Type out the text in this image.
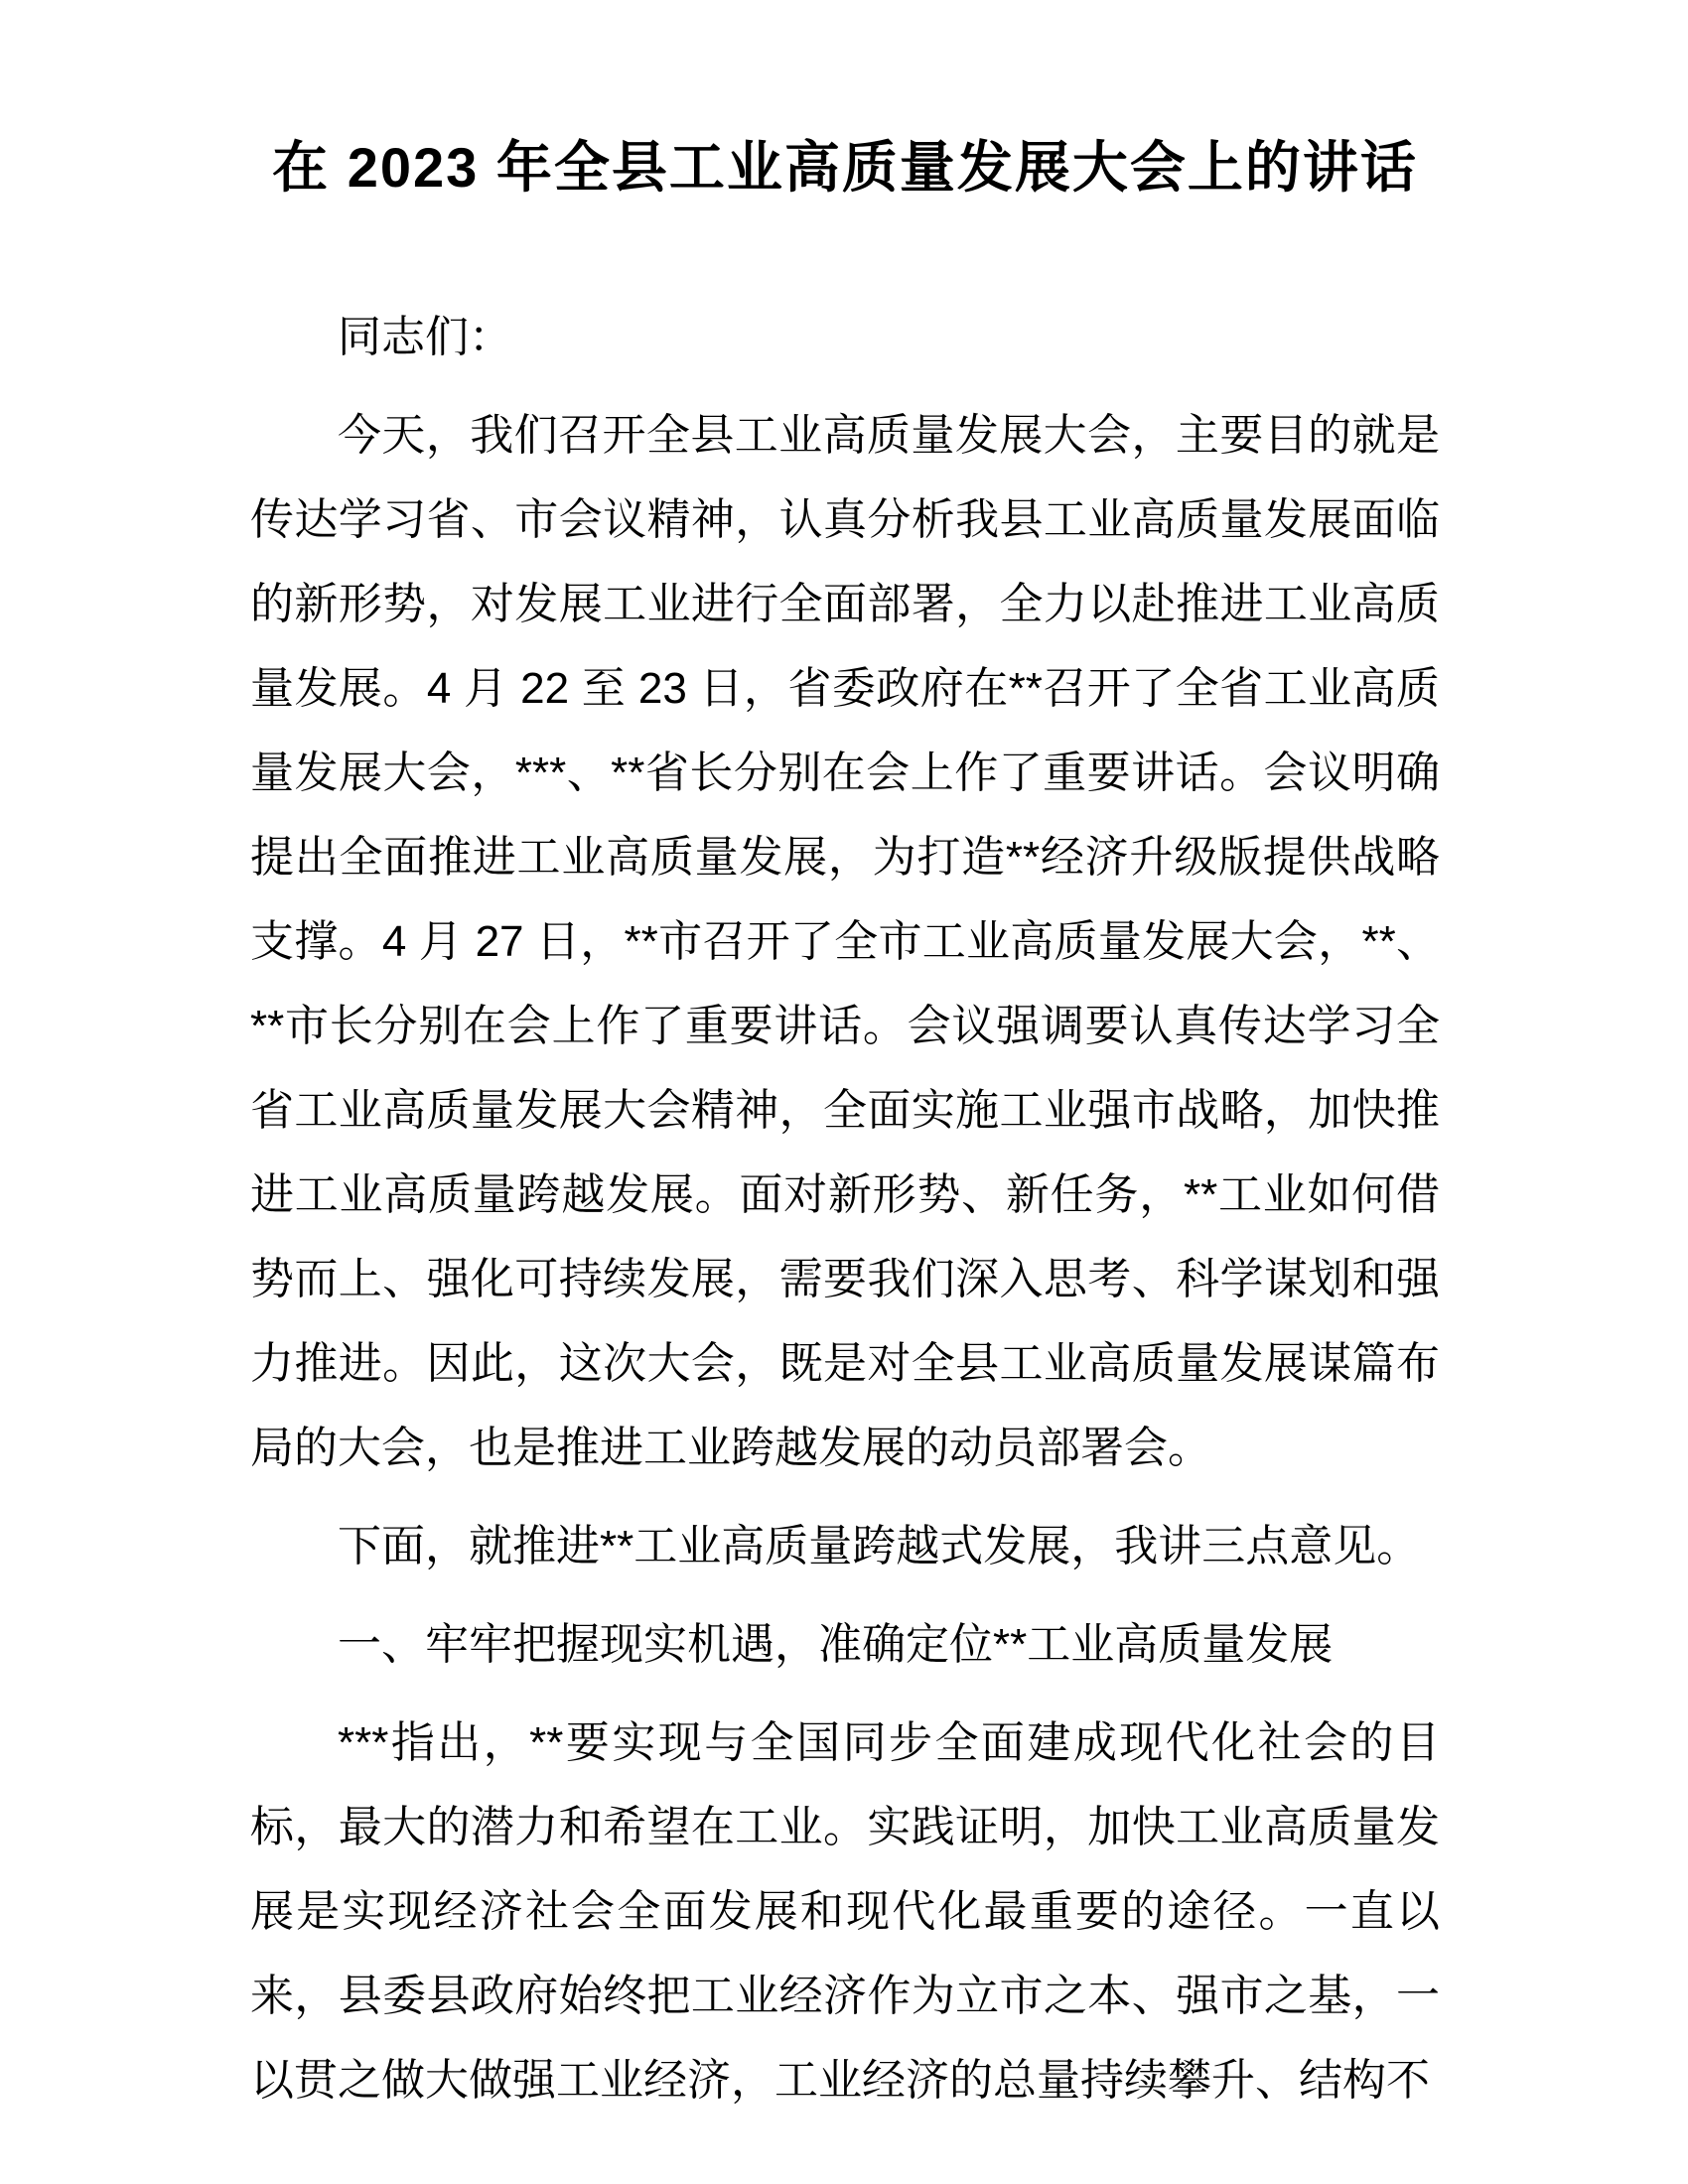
在 2023 年全县工业高质量发展大会上的讲话

同志们：

今天，我们召开全县工业高质量发展大会，主要目的就是传达学习省、市会议精神，认真分析我县工业高质量发展面临的新形势，对发展工业进行全面部署，全力以赴推进工业高质量发展。4 月 22 至 23 日，省委政府在**召开了全省工业高质量发展大会，***、**省长分别在会上作了重要讲话。会议明确提出全面推进工业高质量发展，为打造**经济升级版提供战略支撑。4 月 27 日，**市召开了全市工业高质量发展大会，**、**市长分别在会上作了重要讲话。会议强调要认真传达学习全省工业高质量发展大会精神，全面实施工业强市战略，加快推进工业高质量跨越发展。面对新形势、新任务，**工业如何借势而上、强化可持续发展，需要我们深入思考、科学谋划和强力推进。因此，这次大会，既是对全县工业高质量发展谋篇布局的大会，也是推进工业跨越发展的动员部署会。

下面，就推进**工业高质量跨越式发展，我讲三点意见。

一、牢牢把握现实机遇，准确定位**工业高质量发展

***指出，**要实现与全国同步全面建成现代化社会的目标，最大的潜力和希望在工业。实践证明，加快工业高质量发展是实现经济社会全面发展和现代化最重要的途径。一直以来，县委县政府始终把工业经济作为立市之本、强市之基，一以贯之做大做强工业经济，工业经济的总量持续攀升、结构不
